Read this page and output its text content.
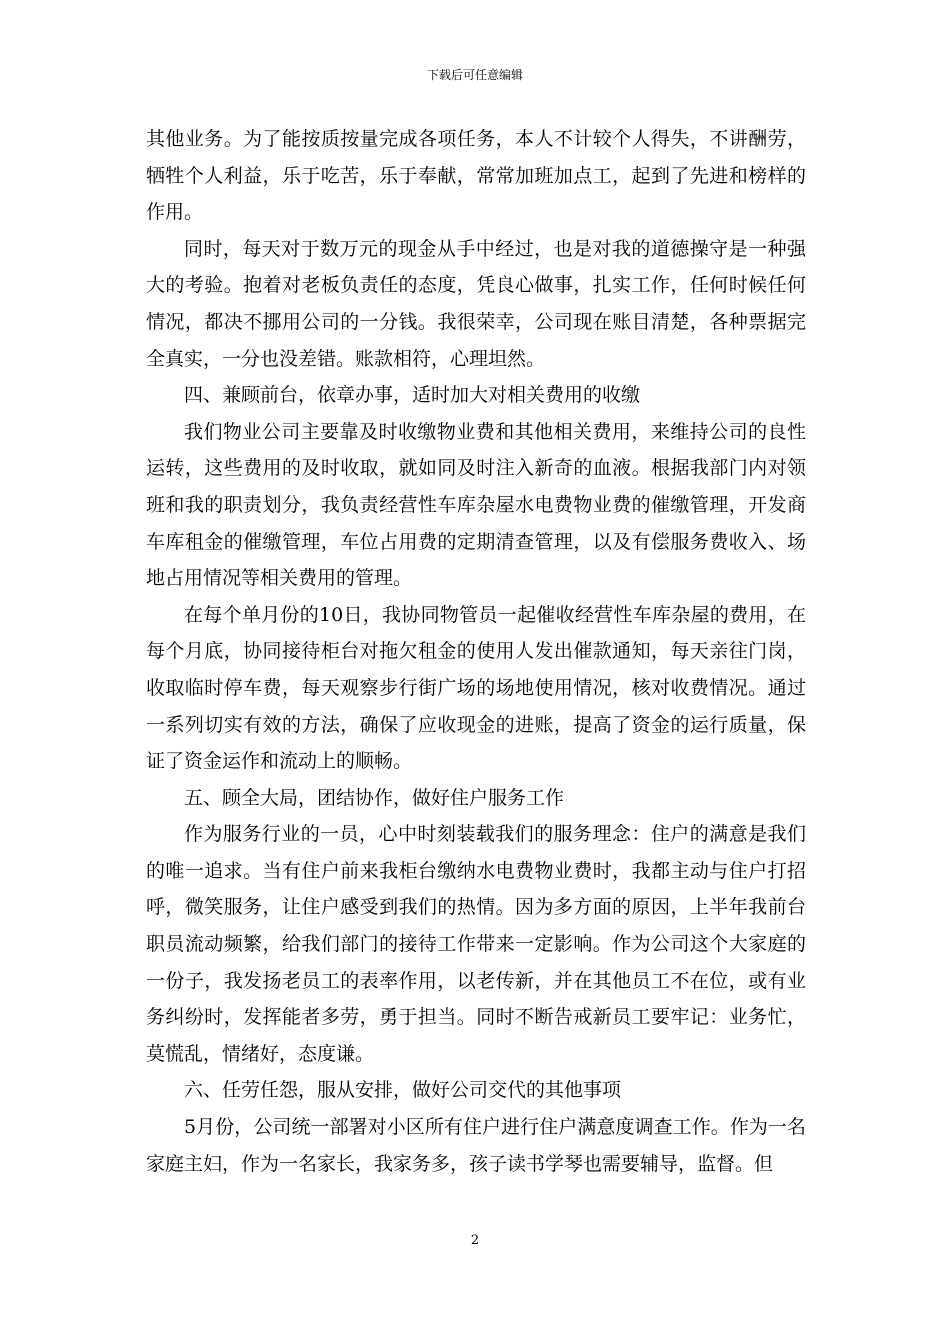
下载后可任意编辑

其他业务。为了能按质按量完成各项任务，本人不计较个人得失，不讲酬劳，牺牲个人利益，乐于吃苦，乐于奉献，常常加班加点工，起到了先进和榜样的作用。

同时，每天对于数万元的现金从手中经过，也是对我的道德操守是一种强大的考验。抱着对老板负责任的态度，凭良心做事，扎实工作，任何时候任何情况，都决不挪用公司的一分钱。我很荣幸，公司现在账目清楚，各种票据完全真实，一分也没差错。账款相符，心理坦然。

四、兼顾前台，依章办事，适时加大对相关费用的收缴

我们物业公司主要靠及时收缴物业费和其他相关费用，来维持公司的良性运转，这些费用的及时收取，就如同及时注入新奇的血液。根据我部门内对领班和我的职责划分，我负责经营性车库杂屋水电费物业费的催缴管理，开发商车库租金的催缴管理，车位占用费的定期清查管理，以及有偿服务费收入、场地占用情况等相关费用的管理。

在每个单月份的10日，我协同物管员一起催收经营性车库杂屋的费用，在每个月底，协同接待柜台对拖欠租金的使用人发出催款通知，每天亲往门岗，收取临时停车费，每天观察步行街广场的场地使用情况，核对收费情况。通过一系列切实有效的方法，确保了应收现金的进账，提高了资金的运行质量，保证了资金运作和流动上的顺畅。

五、顾全大局，团结协作，做好住户服务工作

作为服务行业的一员，心中时刻装载我们的服务理念：住户的满意是我们的唯一追求。当有住户前来我柜台缴纳水电费物业费时，我都主动与住户打招呼，微笑服务，让住户感受到我们的热情。因为多方面的原因，上半年我前台职员流动频繁，给我们部门的接待工作带来一定影响。作为公司这个大家庭的一份子，我发扬老员工的表率作用，以老传新，并在其他员工不在位，或有业务纠纷时，发挥能者多劳，勇于担当。同时不断告戒新员工要牢记：业务忙，莫慌乱，情绪好，态度谦。

六、任劳任怨，服从安排，做好公司交代的其他事项

5月份，公司统一部署对小区所有住户进行住户满意度调查工作。作为一名家庭主妇，作为一名家长，我家务多，孩子读书学琴也需要辅导，监督。但

2
